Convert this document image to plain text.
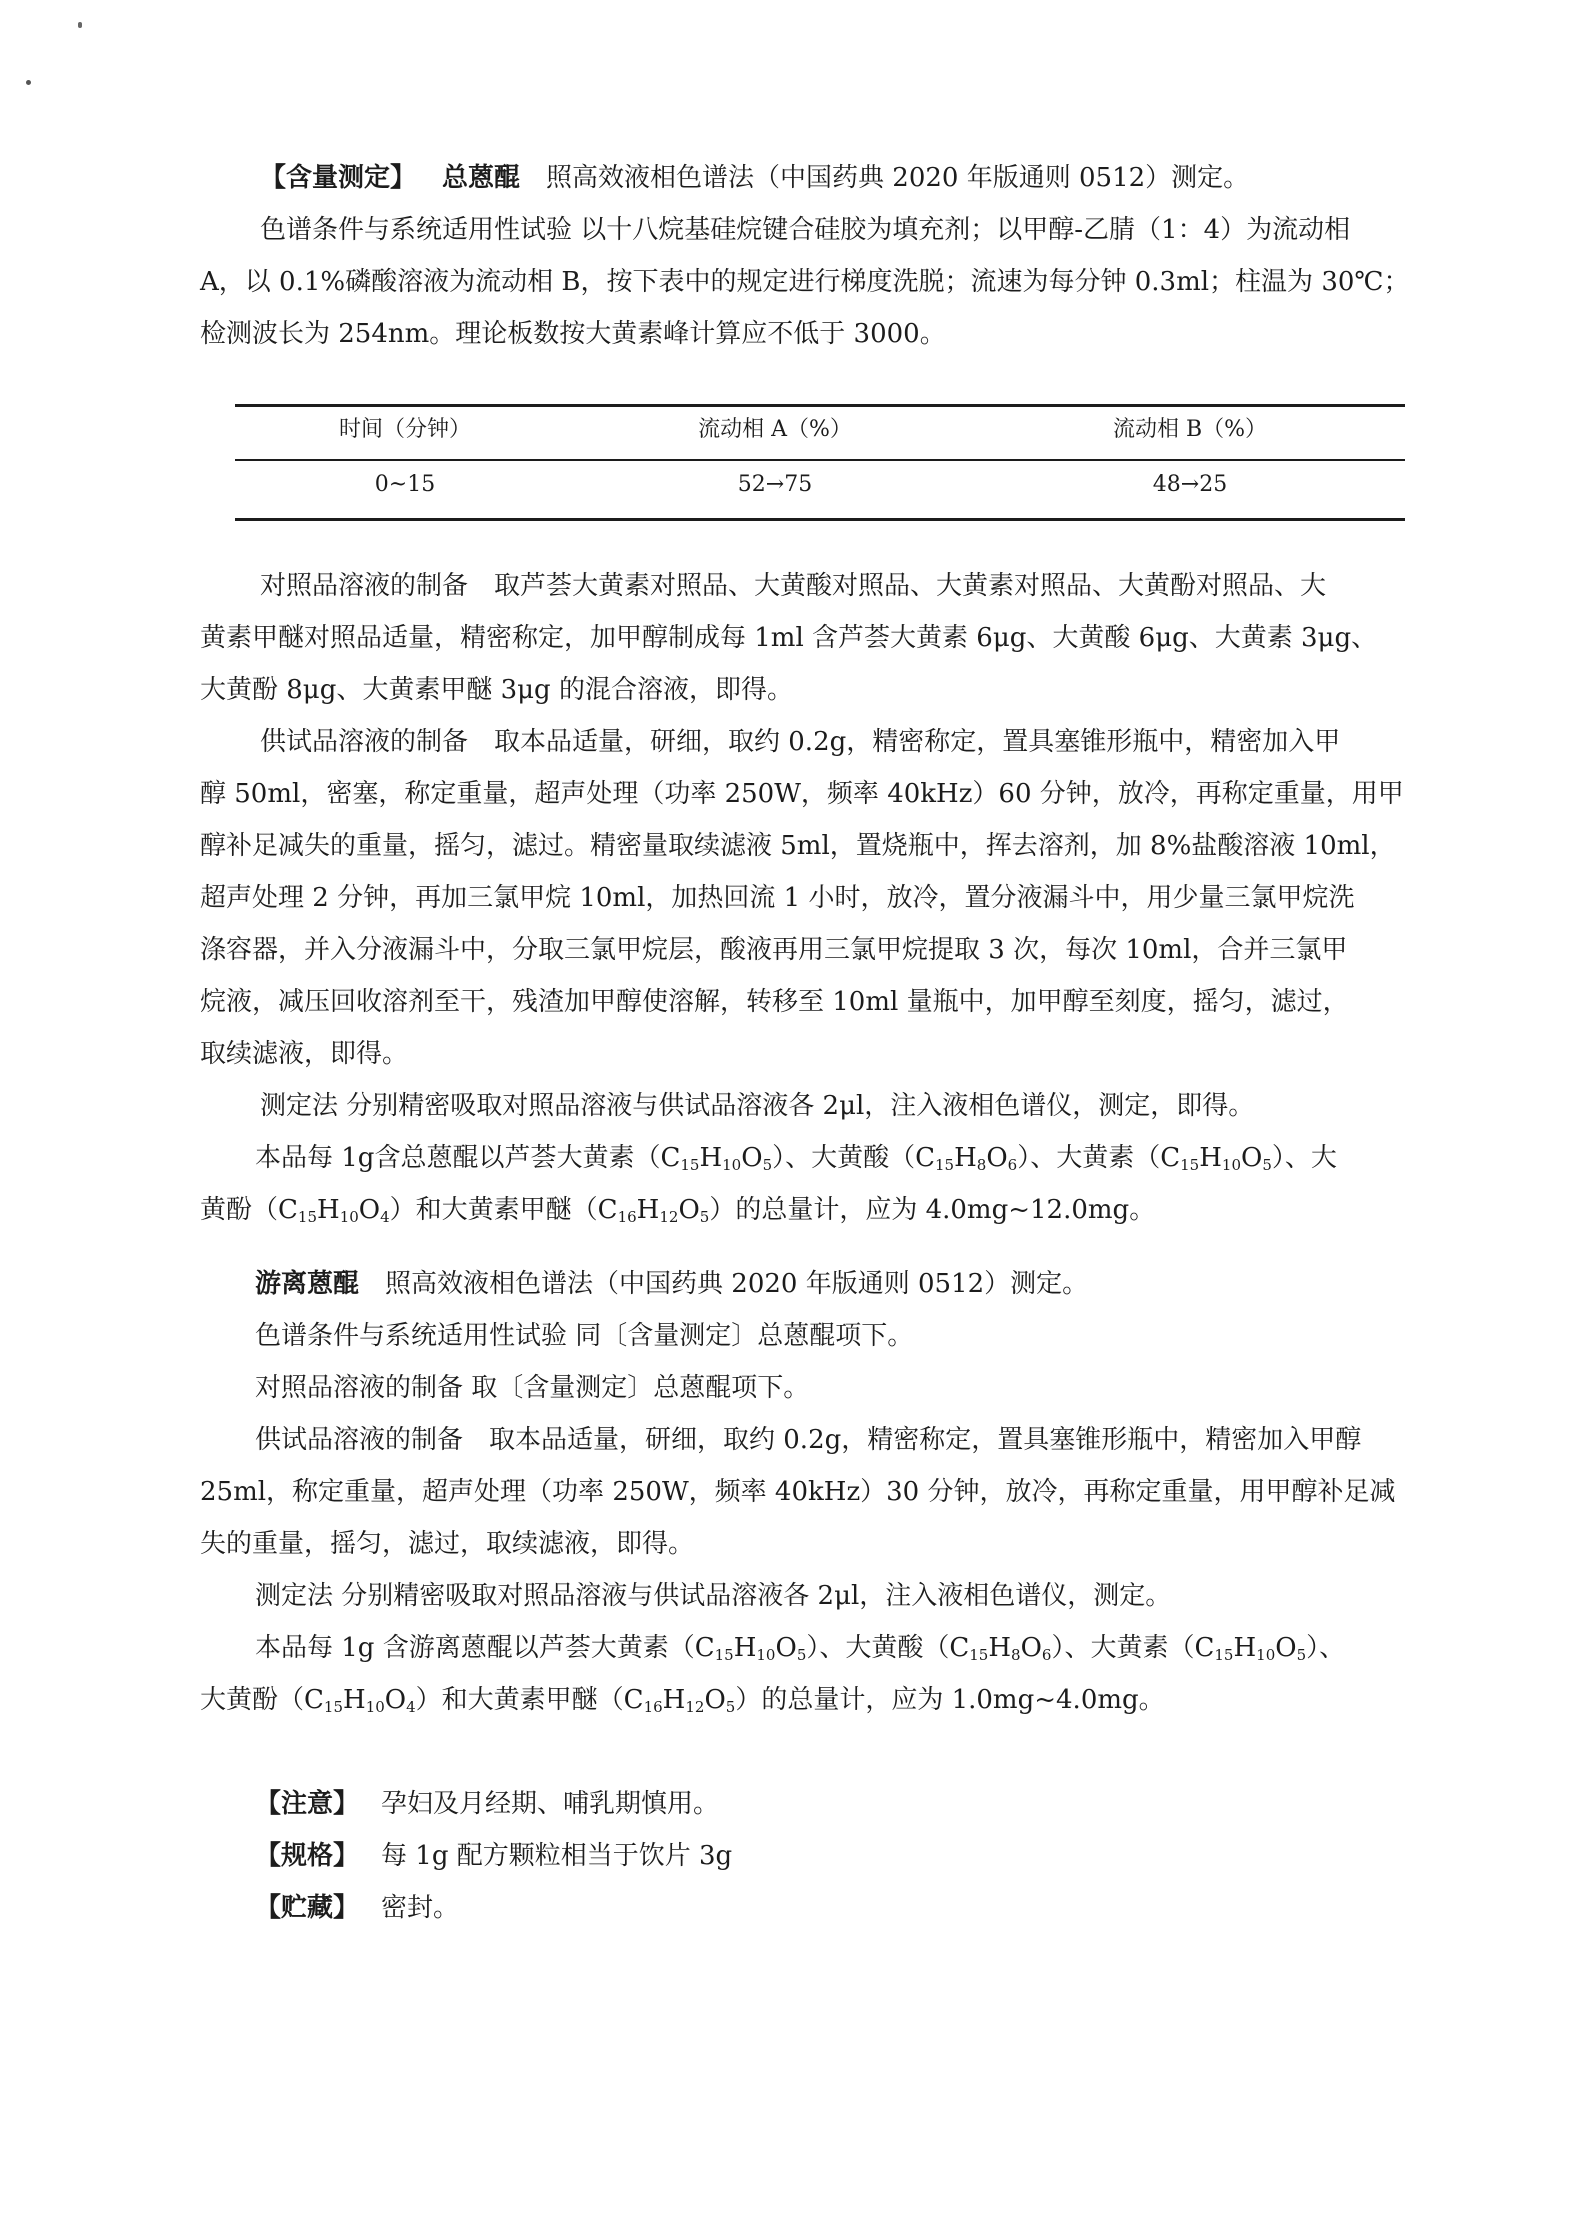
【含量测定】 总蒽醌 照高效液相色谱法（中国药典 2020 年版通则 0512）测定。
色谱条件与系统适用性试验 以十八烷基硅烷键合硅胶为填充剂；以甲醇-乙腈（1：4）为流动相
A，以 0.1%磷酸溶液为流动相 B，按下表中的规定进行梯度洗脱；流速为每分钟 0.3ml；柱温为 30℃；
检测波长为 254nm。理论板数按大黄素峰计算应不低于 3000。
时间（分钟）	流动相 A（%）	流动相 B（%）
0~15	52→75	48→25
对照品溶液的制备　取芦荟大黄素对照品、大黄酸对照品、大黄素对照品、大黄酚对照品、大
黄素甲醚对照品适量，精密称定，加甲醇制成每 1ml 含芦荟大黄素 6μg、大黄酸 6μg、大黄素 3μg、
大黄酚 8μg、大黄素甲醚 3μg 的混合溶液，即得。
供试品溶液的制备　取本品适量，研细，取约 0.2g，精密称定，置具塞锥形瓶中，精密加入甲
醇 50ml，密塞，称定重量，超声处理（功率 250W，频率 40kHz）60 分钟，放冷，再称定重量，用甲
醇补足减失的重量，摇匀，滤过。精密量取续滤液 5ml，置烧瓶中，挥去溶剂，加 8%盐酸溶液 10ml，
超声处理 2 分钟，再加三氯甲烷 10ml，加热回流 1 小时，放冷，置分液漏斗中，用少量三氯甲烷洗
涤容器，并入分液漏斗中，分取三氯甲烷层，酸液再用三氯甲烷提取 3 次，每次 10ml，合并三氯甲
烷液，减压回收溶剂至干，残渣加甲醇使溶解，转移至 10ml 量瓶中，加甲醇至刻度，摇匀，滤过，
取续滤液，即得。
测定法 分别精密吸取对照品溶液与供试品溶液各 2μl，注入液相色谱仪，测定，即得。
本品每 1g含总蒽醌以芦荟大黄素$(C_{15}H_{10}O_5)$、大黄酸$(C_{15}H_8O_6)$、大黄素$(C_{15}H_{10}O_5)$、大
黄酚$(C_{15}H_{10}O_4)$和大黄素甲醚$(C_{16}H_{12}O_5)$的总量计，应为 4.0mg~12.0mg。
游离蒽醌 照高效液相色谱法（中国药典 2020 年版通则 0512）测定。
色谱条件与系统适用性试验 同〔含量测定〕总蒽醌项下。
对照品溶液的制备 取〔含量测定〕总蒽醌项下。
供试品溶液的制备　取本品适量，研细，取约 0.2g，精密称定，置具塞锥形瓶中，精密加入甲醇
25ml，称定重量，超声处理（功率 250W，频率 40kHz）30 分钟，放冷，再称定重量，用甲醇补足减
失的重量，摇匀，滤过，取续滤液，即得。
测定法 分别精密吸取对照品溶液与供试品溶液各 2μl，注入液相色谱仪，测定。
本品每 1g 含游离蒽醌以芦荟大黄素$(C_{15}H_{10}O_5)$、大黄酸$(C_{15}H_8O_6)$、大黄素$(C_{15}H_{10}O_5)$、
大黄酚$(C_{15}H_{10}O_4)$和大黄素甲醚$(C_{16}H_{12}O_5)$的总量计，应为 1.0mg~4.0mg。
【注意】 孕妇及月经期、哺乳期慎用。
【规格】 每 1g 配方颗粒相当于饮片 3g
【贮藏】 密封。
